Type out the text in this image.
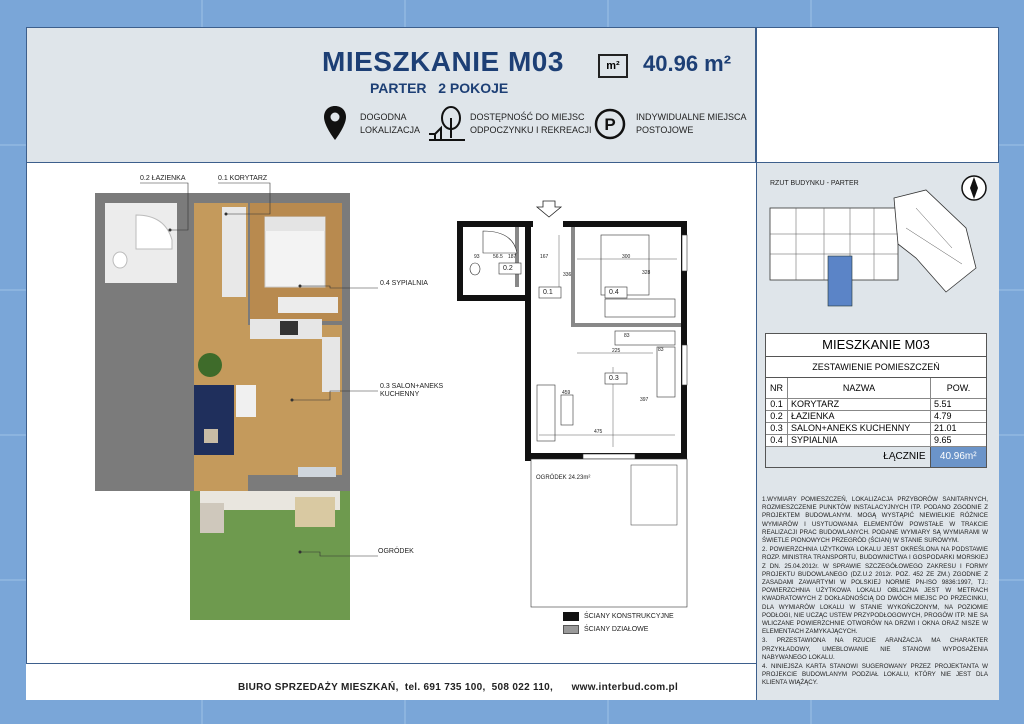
MIESZKANIE M03
PARTER   2 POKOJE
m²	40.96 m²
DOGODNA
LOKALIZACJA
DOSTĘPNOŚĆ DO MIEJSC
ODPOCZYNKU I REKREACJI P INDYWIDUALNE MIEJSCA
POSTOJOWE
0.2 ŁAZIENKA	0.1 KORYTARZ
0.4 SYPIALNIA
0.3 SALON+ANEKS
KUCHENNY
OGRÓDEK
0.2
0.1	0.4
0.3
167	300
336	328
83
225	83
459
397
475
93	56.5 187
OGRÓDEK 24.23m²
ŚCIANY KONSTRUKCYJNE
ŚCIANY DZIAŁOWE
RZUT BUDYNKU - PARTER
MIESZKANIE M03
ZESTAWIENIE POMIESZCZEŃ
NR	NAZWA	POW.
0.1 KORYTARZ	5.51
0.2 ŁAZIENKA	4.79
0.3 SALON+ANEKS KUCHENNY	21.01
0.4 SYPIALNIA	9.65
ŁĄCZNIE	40.96m²

1.WYMIARY POMIESZCZEŃ, LOKALIZACJA PRZYBORÓW SANITARNYCH, ROZMIESZCZENIE PUNKTÓW INSTALACYJNYCH ITP. PODANO ZGODNIE Z PROJEKTEM BUDOWLANYM. MOGĄ WYSTĄPIĆ NIEWIELKIE RÓŻNICE WYMIARÓW I USYTUOWANIA ELEMENTÓW POWSTAŁE W TRAKCIE REALIZACJI PRAC BUDOWLANYCH. PODANE WYMIARY SĄ WYMIARAMI W ŚWIETLE PIONOWYCH PRZEGRÓD (ŚCIAN) W STANIE SUROWYM.

2. POWIERZCHNIA UŻYTKOWA LOKALU JEST OKREŚLONA NA PODSTAWIE ROZP. MINISTRA TRANSPORTU, BUDOWNICTWA I GOSPODARKI MORSKIEJ Z DN. 25.04.2012r. W SPRAWIE SZCZEGÓŁOWEGO ZAKRESU I FORMY PROJEKTU BUDOWLANEGO (DZ.U.2 2012r. POZ. 452 ZE ZM.) ZGODNIE Z ZASADAMI ZAWARTYMI W POLSKIEJ NORMIE PN-ISO 9836:1997, TJ.: POWIERZCHNIA UŻYTKOWA LOKALU OBLICZNA JEST W METRACH KWADRATOWYCH Z DOKŁADNOŚCIĄ DO DWÓCH MIEJSC PO PRZECINKU, DLA WYMIARÓW LOKALU W STANIE WYKOŃCZONYM, NA POZIOMIE PODŁOGI, NIE UCZĄC USTEW PRZYPODŁOGOWYCH, PROGÓW ITP. NIE SA WLICZANE POWIERZCHNIE OTWORÓW NA DRZWI I OKNA ORAZ NISZE W ELEMENTACH ZAMYKAJĄCYCH.

3. PRZESTAWIONA NA RZUCIE ARANŻACJA MA CHARAKTER PRZYKŁADOWY, UMEBLOWANIE NIE STANOWI WYPOSAŻENIA NABYWANEGO LOKALU.

4. NINIEJSZA KARTA STANOWI SUGEROWANY PRZEZ PROJEKTANTA W PROJEKCIE BUDOWLANYM PODZIAŁ LOKALU, KTÓRY NIE JEST DLA KLIENTA WIĄŻĄCY.

BIURO SPRZEDAŻY MIESZKAŃ,  tel. 691 735 100,  508 022 110,      www.interbud.com.pl
